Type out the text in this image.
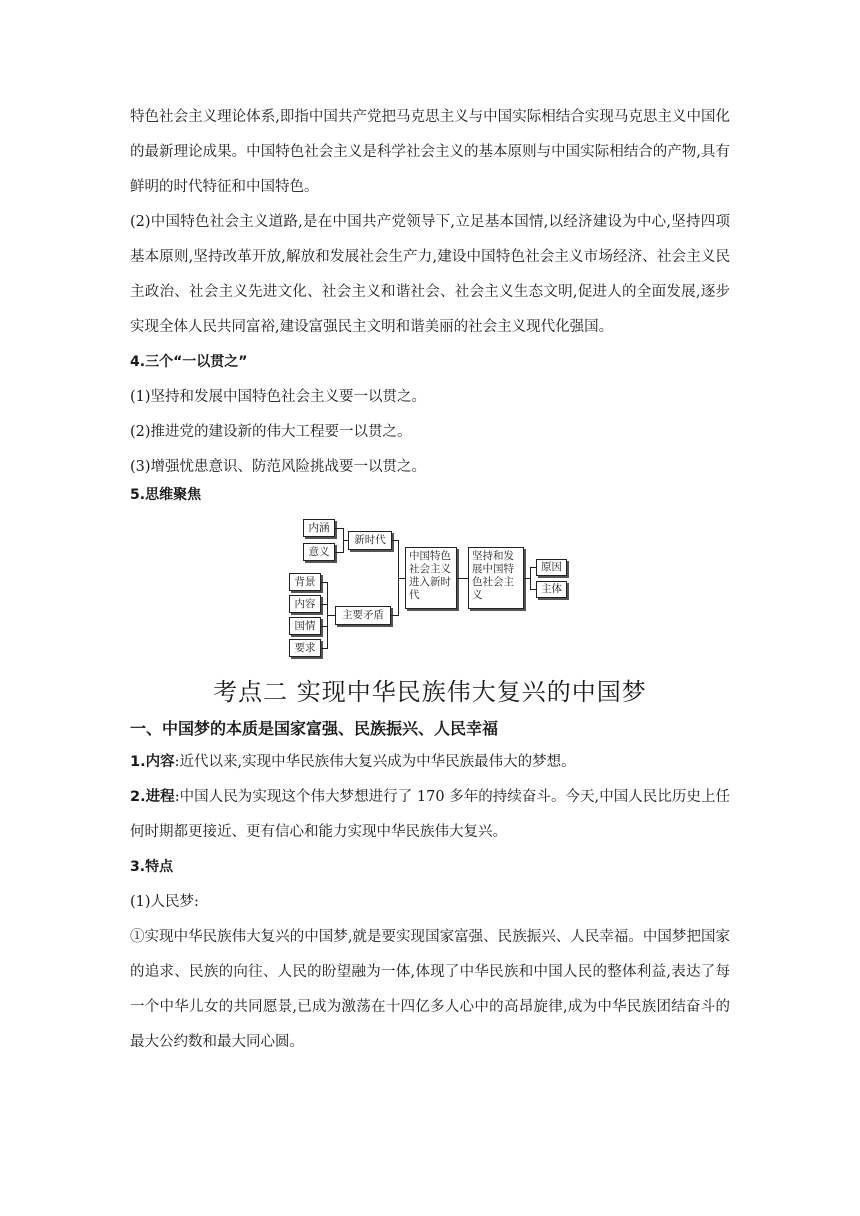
特色社会主义理论体系,即指中国共产党把马克思主义与中国实际相结合实现马克思主义中国化的最新理论成果。中国特色社会主义是科学社会主义的基本原则与中国实际相结合的产物,具有鲜明的时代特征和中国特色。

(2)中国特色社会主义道路,是在中国共产党领导下,立足基本国情,以经济建设为中心,坚持四项基本原则,坚持改革开放,解放和发展社会生产力,建设中国特色社会主义市场经济、社会主义民主政治、社会主义先进文化、社会主义和谐社会、社会主义生态文明,促进人的全面发展,逐步实现全体人民共同富裕,建设富强民主文明和谐美丽的社会主义现代化强国。

4.三个“一以贯之”

(1)坚持和发展中国特色社会主义要一以贯之。

(2)推进党的建设新的伟大工程要一以贯之。

(3)增强忧患意识、防范风险挑战要一以贯之。

5.思维聚焦

考点二 实现中华民族伟大复兴的中国梦
一、中国梦的本质是国家富强、民族振兴、人民幸福

1.内容:近代以来,实现中华民族伟大复兴成为中华民族最伟大的梦想。

2.进程:中国人民为实现这个伟大梦想进行了 170 多年的持续奋斗。今天,中国人民比历史上任何时期都更接近、更有信心和能力实现中华民族伟大复兴。

3.特点

(1)人民梦:

①实现中华民族伟大复兴的中国梦,就是要实现国家富强、民族振兴、人民幸福。中国梦把国家的追求、民族的向往、人民的盼望融为一体,体现了中华民族和中国人民的整体利益,表达了每一个中华儿女的共同愿景,已成为激荡在十四亿多人心中的高昂旋律,成为中华民族团结奋斗的最大公约数和最大同心圆。

内涵
意义
新时代
背景
内容
国情
要求
主要矛盾
中国特色社会主义进入新时代
坚持和发展中国特色社会主义
原因
主体
